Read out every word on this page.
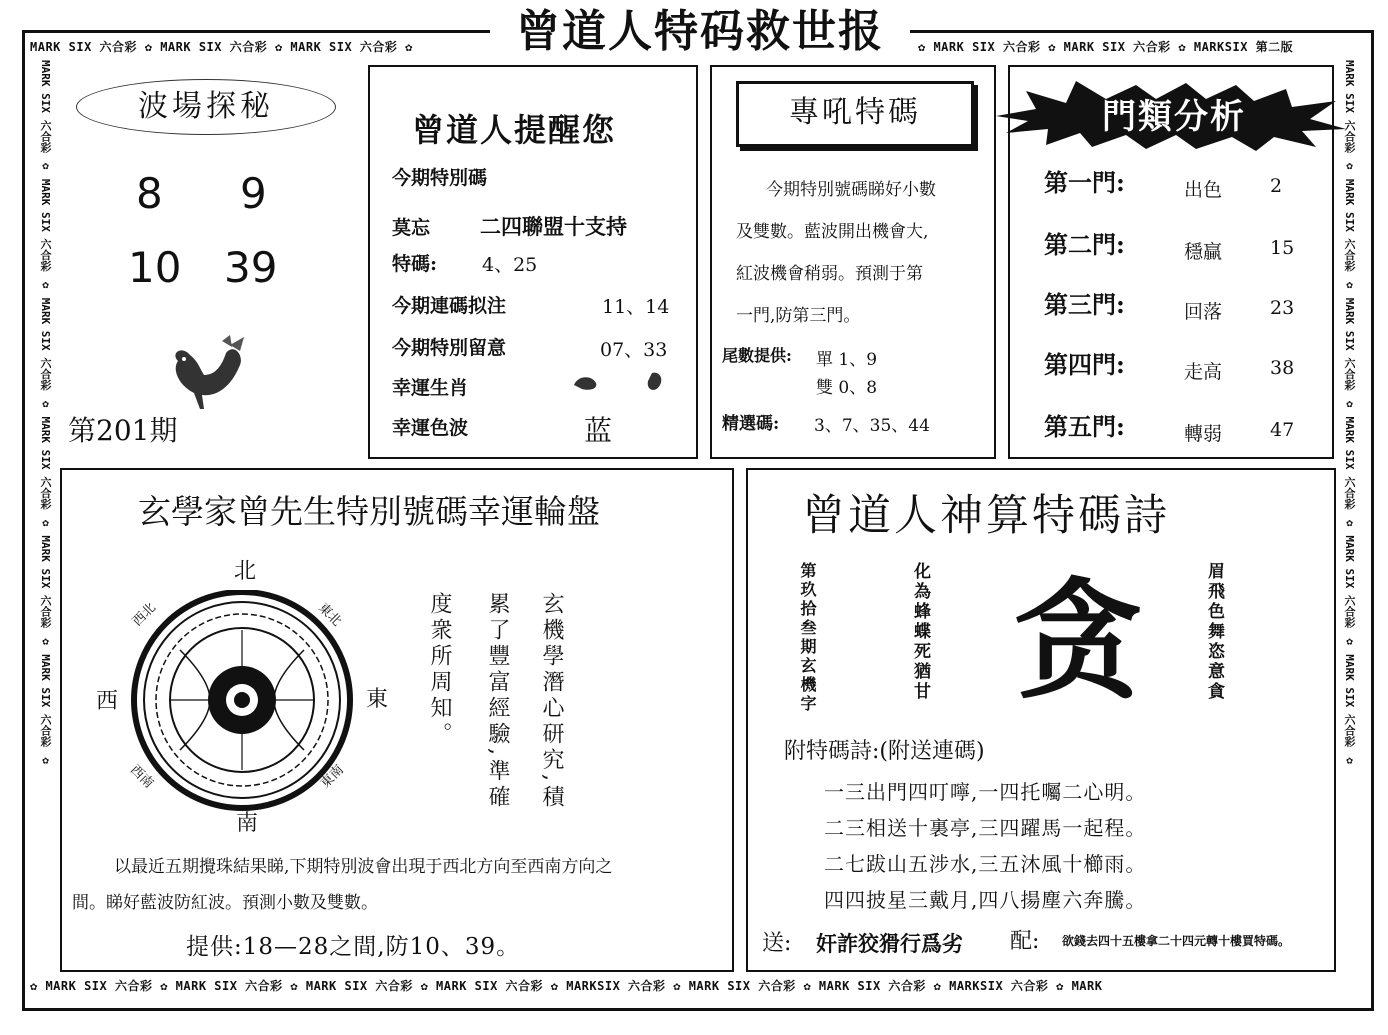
MARK SIX 六合彩 ✿ MARK SIX 六合彩 ✿ MARK SIX 六合彩 ✿	✿ MARK SIX 六合彩 ✿ MARK SIX 六合彩 ✿ MARKSIX 第二版
✿ MARK SIX 六合彩 ✿ MARK SIX 六合彩 ✿ MARK SIX 六合彩 ✿ MARK SIX 六合彩 ✿ MARKSIX 六合彩 ✿ MARK SIX 六合彩 ✿ MARK SIX 六合彩 ✿ MARKSIX 六合彩 ✿ MARK
MARK SIX 六合彩 ✿ MARK SIX 六合彩 ✿ MARK SIX 六合彩 ✿ MARK SIX 六合彩 ✿ MARK SIX 六合彩 ✿ MARK SIX 六合彩 ✿	MARK SIX 六合彩 ✿ MARK SIX 六合彩 ✿ MARK SIX 六合彩 ✿ MARK SIX 六合彩 ✿ MARK SIX 六合彩 ✿ MARK SIX 六合彩 ✿
曾道人特码救世报
波場探秘
8 9
10 39
第201期
曾道人提醒您
今期特別碼
莫忘 二四聯盟十支持
特碼: 4、25
今期連碼拟注	11、14
今期特別留意	07、33
幸運生肖
幸運色波	蓝
專吼特碼
今期特別號碼睇好小數
及雙數。藍波開出機會大,
紅波機會稍弱。預測于第
一門,防第三門。
尾數提供: 單 1、9
雙 0、8
精選碼: 3、7、35、44
門類分析
第一門:	出色	2
第二門:	穩贏	15
第三門:	回落	23
第四門:	走高	38
第五門:	轉弱	47
玄學家曾先生特別號碼幸運輪盤
北
南
東
西
西北	東北
西南	東南	玄機學潛心研究,積
累了豐富經驗,準確
度衆所周知。
以最近五期攪珠結果睇,下期特別波會出現于西北方向至西南方向之
間。睇好藍波防紅波。預測小數及雙數。
提供:18—28之間,防10、39。
曾道人神算特碼詩
第玖拾叁期玄機字	化為蜂蝶死猶甘	眉飛色舞恣意貪
贪
附特碼詩:(附送連碼)
一三出門四叮嚀,一四托囑二心明。
二三相送十裏亭,三四躍馬一起程。
二七跋山五涉水,三五沐風十櫛雨。
四四披星三戴月,四八揚塵六奔騰。
送: 奸詐狡猾行爲劣 配: 欲錢去四十五樓拿二十四元轉十樓買特碼。
